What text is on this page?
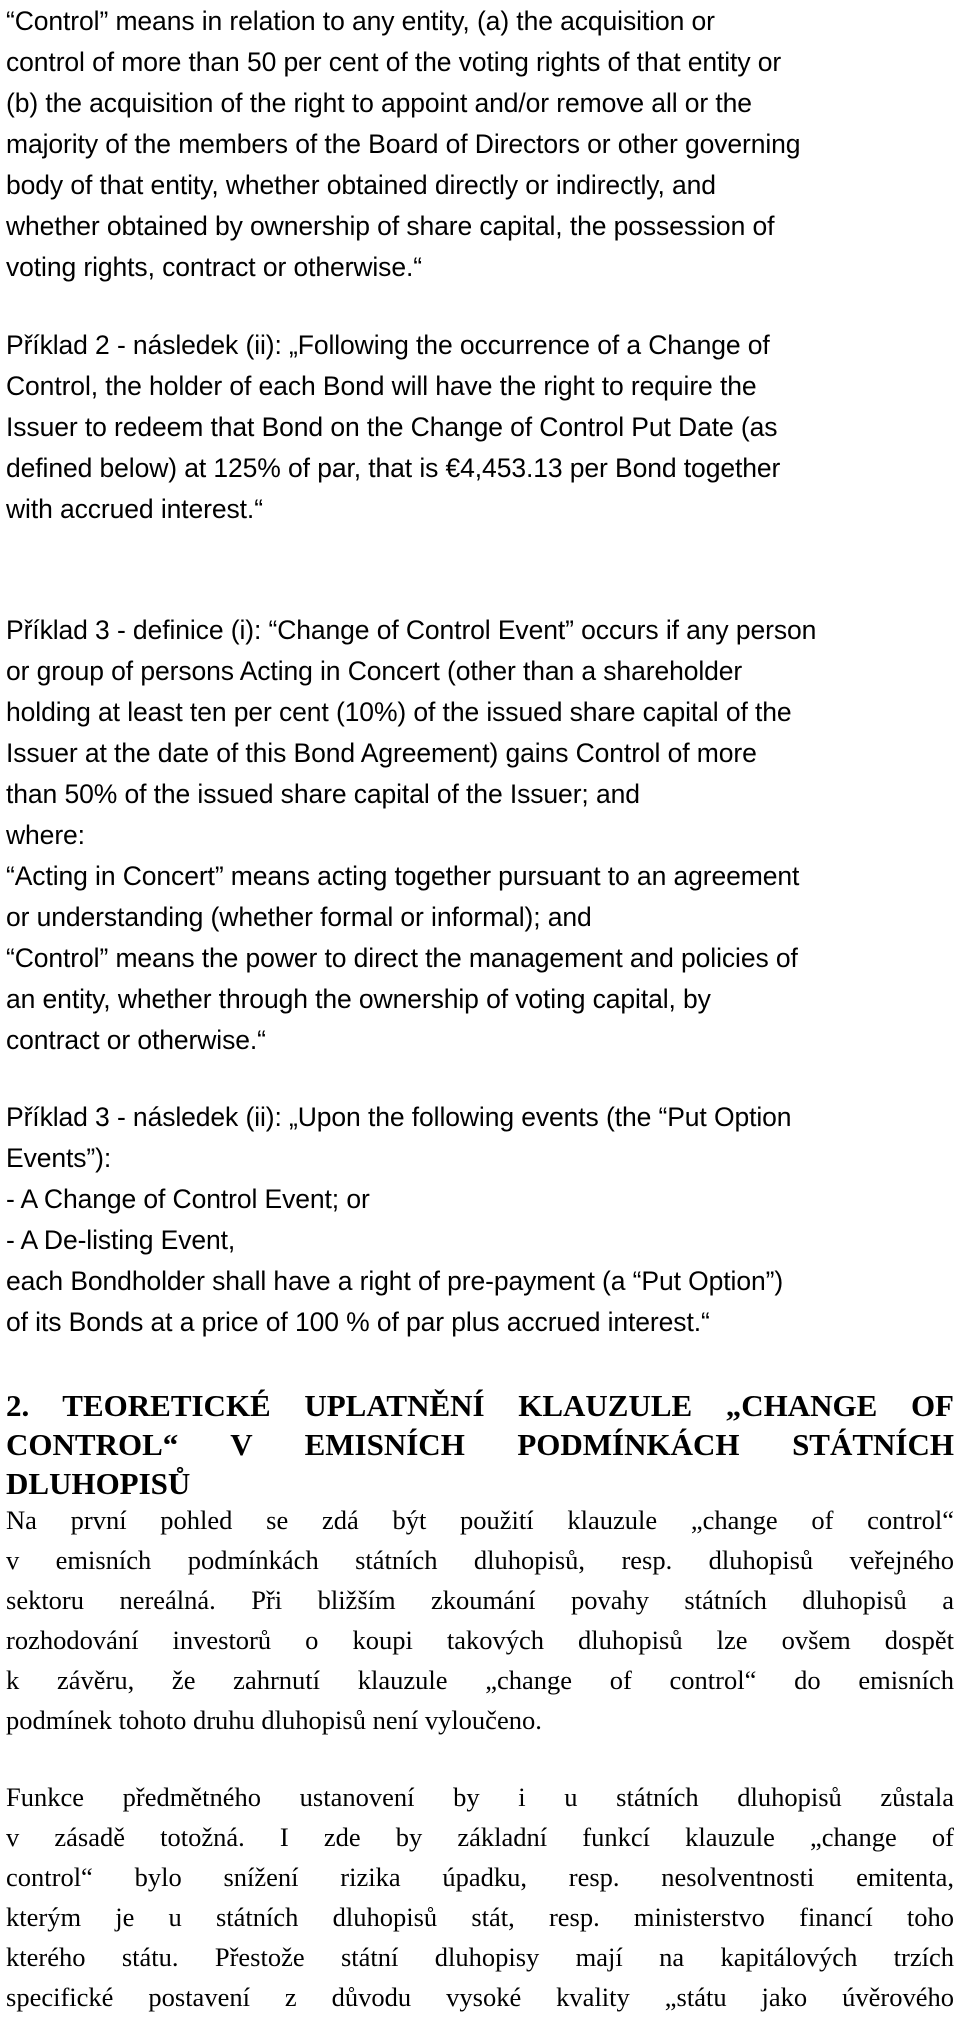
“Control” means in relation to any entity, (a) the acquisition or
control of more than 50 per cent of the voting rights of that entity or
(b) the acquisition of the right to appoint and/or remove all or the
majority of the members of the Board of Directors or other governing
body of that entity, whether obtained directly or indirectly, and
whether obtained by ownership of share capital, the possession of
voting rights, contract or otherwise.“
Příklad 2 - následek (ii): „Following the occurrence of a Change of
Control, the holder of each Bond will have the right to require the
Issuer to redeem that Bond on the Change of Control Put Date (as
defined below) at 125% of par, that is €4,453.13 per Bond together
with accrued interest.“
Příklad 3 - definice (i): “Change of Control Event” occurs if any person
or group of persons Acting in Concert (other than a shareholder
holding at least ten per cent (10%) of the issued share capital of the
Issuer at the date of this Bond Agreement) gains Control of more
than 50% of the issued share capital of the Issuer; and
where:
“Acting in Concert” means acting together pursuant to an agreement
or understanding (whether formal or informal); and
“Control” means the power to direct the management and policies of
an entity, whether through the ownership of voting capital, by
contract or otherwise.“
Příklad 3 - následek (ii): „Upon the following events (the “Put Option
Events”):
- A Change of Control Event; or
- A De-listing Event,
each Bondholder shall have a right of pre-payment (a “Put Option”)
of its Bonds at a price of 100 % of par plus accrued interest.“
2. TEORETICKÉ UPLATNĚNÍ KLAUZULE „CHANGE OF
CONTROL“ V EMISNÍCH PODMÍNKÁCH STÁTNÍCH
DLUHOPISŮ
Na první pohled se zdá být použití klauzule „change of control“
v emisních podmínkách státních dluhopisů, resp. dluhopisů veřejného
sektoru nereálná. Při bližším zkoumání povahy státních dluhopisů a
rozhodování investorů o koupi takových dluhopisů lze ovšem dospět
k závěru, že zahrnutí klauzule „change of control“ do emisních
podmínek tohoto druhu dluhopisů není vyloučeno.
Funkce předmětného ustanovení by i u státních dluhopisů zůstala
v zásadě totožná. I zde by základní funkcí klauzule „change of
control“ bylo snížení rizika úpadku, resp. nesolventnosti emitenta,
kterým je u státních dluhopisů stát, resp. ministerstvo financí toho
kterého státu. Přestože státní dluhopisy mají na kapitálových trzích
specifické postavení z důvodu vysoké kvality „státu jako úvěrového
